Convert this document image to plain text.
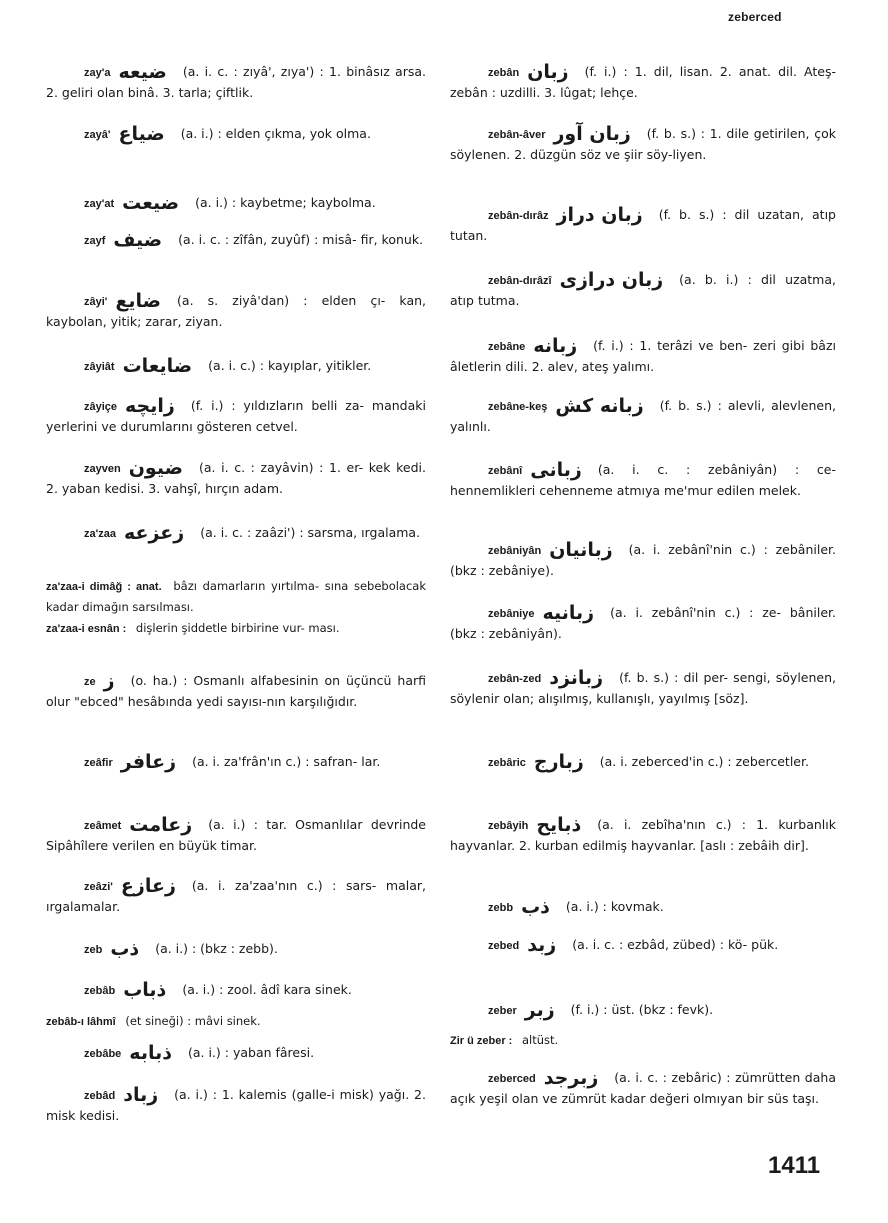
zeberced
zay'a ضيعه (a. i. c. : zıyâ', zıya') : 1. binâsız arsa. 2. geliri olan binâ. 3. tarla; çiftlik.
zayâ' ضياع (a. i.) : elden çıkma, yok olma.
zay'at ضيعت (a. i.) : kaybetme; kaybolma.
zayf ضيف (a. i. c. : zîfân, zuyûf) : misâ- fir, konuk.
zâyi' ضايع (a. s. ziyâ'dan) : elden çı- kan, kaybolan, yitik; zarar, ziyan.
zâyiât ضايعات (a. i. c.) : kayıplar, yitikler.
zâyiçe زايچه (f. i.) : yıldızların belli za- mandaki yerlerini ve durumlarını gösteren cetvel.
zayven ضيون (a. i. c. : zayâvin) : 1. er- kek kedi. 2. yaban kedisi. 3. vahşî, hırçın adam.
za'zaa زعزعه (a. i. c. : zaâzi') : sarsma, ırgalama.
za'zaa-i dimâğ : anat. bâzı damarların yırtılma- sına sebebolacak kadar dimağın sarsılması.
za'zaa-i esnân : dişlerin şiddetle birbirine vur- ması.
ze ز (o. ha.) : Osmanlı alfabesinin on üçüncü harfi olur "ebced" hesâbında yedi sayısı-nın karşılığıdır.
zeâfir زعافر (a. i. za'frân'ın c.) : safran- lar.
zeâmet زعامت (a. i.) : tar. Osmanlılar devrinde Sipâhîlere verilen en büyük timar.
zeâzi' زعازع (a. i. za'zaa'nın c.) : sars- malar, ırgalamalar.
zeb ذب (a. i.) : (bkz : zebb).
zebâb ذباب (a. i.) : zool. âdî kara sinek.
zebâb-ı lâhmî (et sineği) : mâvi sinek.
zebâbe ذبابه (a. i.) : yaban fâresi.
zebâd زباد (a. i.) : 1. kalemis (galle-i misk) yağı. 2. misk kedisi.
zebân زبان (f. i.) : 1. dil, lisan. 2. anat. dil. Ateş-zebân : uzdilli. 3. lûgat; lehçe.
zebân-âver زبان آور (f. b. s.) : 1. dile getirilen, çok söylenen. 2. düzgün söz ve şiir söy-liyen.
zebân-dırâz زبان دراز (f. b. s.) : dil uzatan, atıp tutan.
zebân-dırâzî زبان درازى (a. b. i.) : dil uzatma, atıp tutma.
zebâne زبانه (f. i.) : 1. terâzi ve ben- zeri gibi bâzı âletlerin dili. 2. alev, ateş yalımı.
zebâne-keş زبانه كش (f. b. s.) : alevli, alevlenen, yalınlı.
zebânî زبانى (a. i. c. : zebâniyân) : ce- hennemlikleri cehenneme atmıya me'mur edilen melek.
zebâniyân زبانيان (a. i. zebânî'nin c.) : zebâniler. (bkz : zebâniye).
zebâniye زبانيه (a. i. zebânî'nin c.) : ze- bâniler. (bkz : zebâniyân).
zebân-zed زبانزد (f. b. s.) : dil per- sengi, söylenen, söylenir olan; alışılmış, kullanışlı, yayılmış [söz].
zebâric زبارج (a. i. zeberced'in c.) : zebercetler.
zebâyih ذبايح (a. i. zebîha'nın c.) : 1. kurbanlık hayvanlar. 2. kurban edilmiş hayvanlar. [aslı : zebâih dir].
zebb ذب (a. i.) : kovmak.
zebed زبد (a. i. c. : ezbâd, zübed) : kö- pük.
zeber زبر (f. i.) : üst. (bkz : fevk).
Zir ü zeber : altüst.
zeberced زبرجد (a. i. c. : zebâric) : zümrütten daha açık yeşil olan ve zümrüt kadar değeri olmıyan bir süs taşı.
1411
